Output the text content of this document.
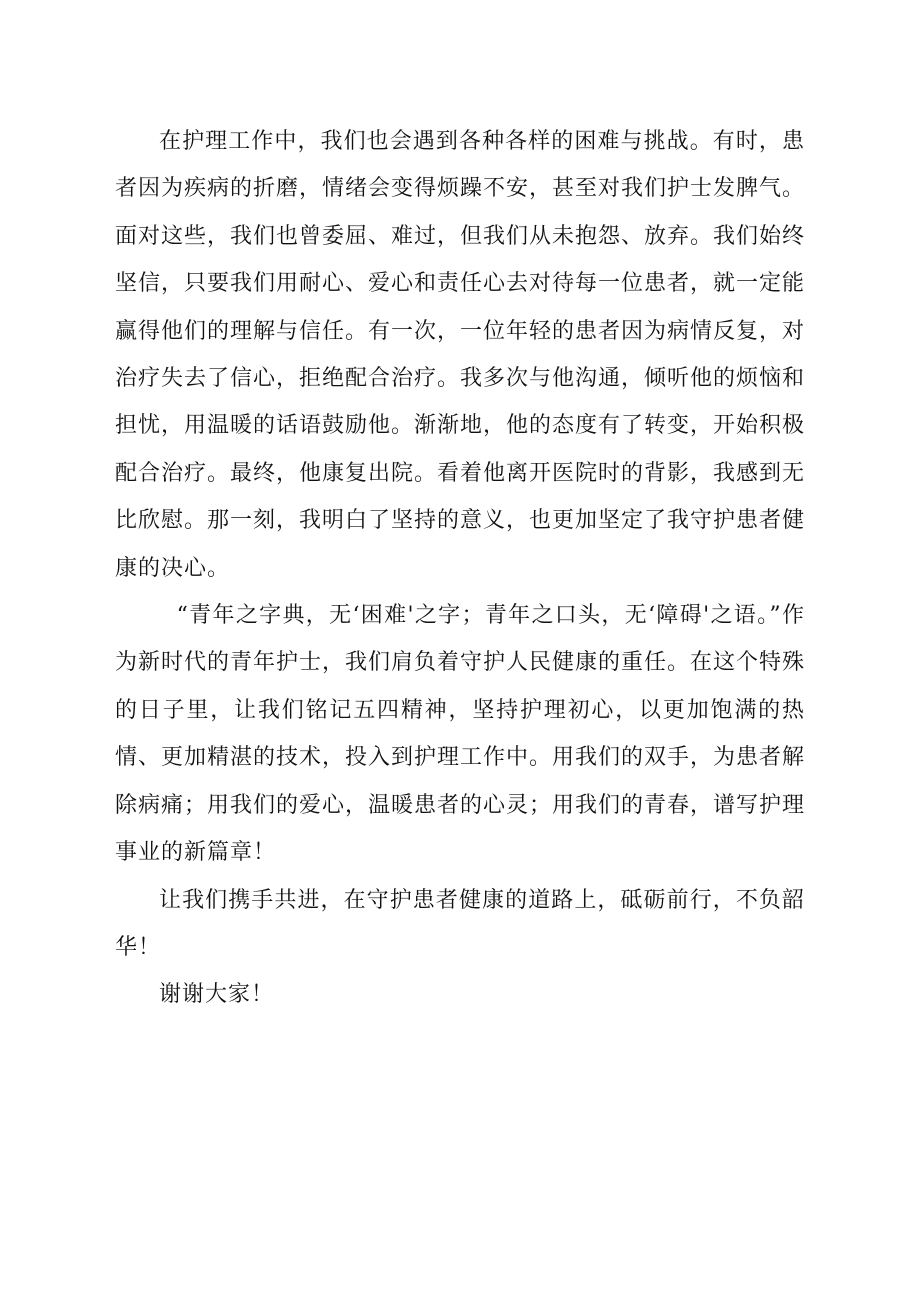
在护理工作中，我们也会遇到各种各样的困难与挑战。有时，患者因为疾病的折磨，情绪会变得烦躁不安，甚至对我们护士发脾气。面对这些，我们也曾委屈、难过，但我们从未抱怨、放弃。我们始终坚信，只要我们用耐心、爱心和责任心去对待每一位患者，就一定能赢得他们的理解与信任。有一次，一位年轻的患者因为病情反复，对治疗失去了信心，拒绝配合治疗。我多次与他沟通，倾听他的烦恼和担忧，用温暖的话语鼓励他。渐渐地，他的态度有了转变，开始积极配合治疗。最终，他康复出院。看着他离开医院时的背影，我感到无比欣慰。那一刻，我明白了坚持的意义，也更加坚定了我守护患者健康的决心。

“青年之字典，无‘困难'之字；青年之口头，无‘障碍'之语。”作为新时代的青年护士，我们肩负着守护人民健康的重任。在这个特殊的日子里，让我们铭记五四精神，坚持护理初心，以更加饱满的热情、更加精湛的技术，投入到护理工作中。用我们的双手，为患者解除病痛；用我们的爱心，温暖患者的心灵；用我们的青春，谱写护理事业的新篇章！

让我们携手共进，在守护患者健康的道路上，砥砺前行，不负韶华！

谢谢大家！
